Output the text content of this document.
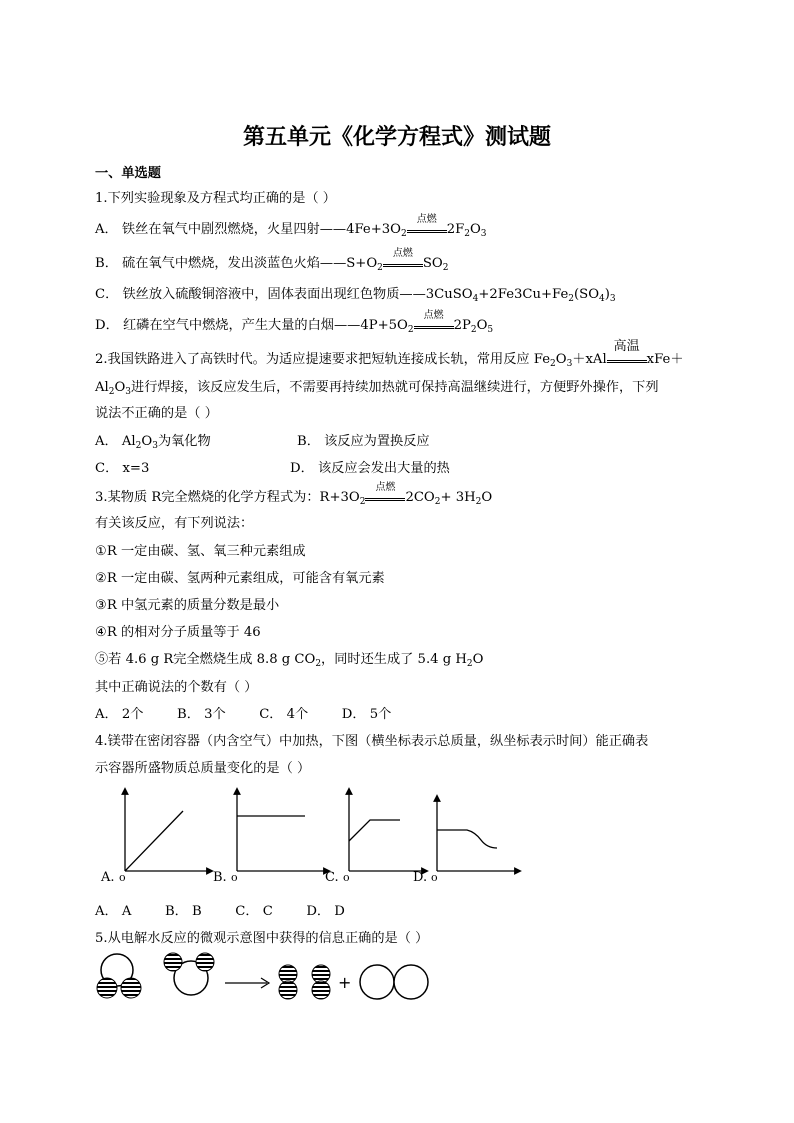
第五单元《化学方程式》测试题
一、单选题
1.下列实验现象及方程式均正确的是（ ）
A． 铁丝在氧气中剧烈燃烧，火星四射$——4Fe+3O_2$
点燃
$2F_2O_3$
B． 硫在氧气中燃烧，发出淡蓝色火焰$——S+O_2$
点燃
$SO_2$
C． 铁丝放入硫酸铜溶液中，固体表面出现红色物质$——3CuSO_4+2Fe3Cu+Fe_2(SO_4)_3$
D． 红磷在空气中燃烧，产生大量的白烟$——4P+5O_2$
点燃
$2P_2O_5$
2.我国铁路进入了高铁时代。为适应提速要求把短轨连接成长轨，常用反应 $Fe_2O_3+xAl$
高温
xFe＋
$Al_2O_3$进行焊接，该反应发生后，不需要再持续加热就可保持高温继续进行，方便野外操作，下列
说法不正确的是（ ）
A． $Al_2O_3$为氧化物	B． 该反应为置换反应
C． x=3	D． 该反应会发出大量的热
3.某物质 R完全燃烧的化学方程式为：$R+3O_2$
点燃
$2CO_2+ 3H_2O$
有关该反应，有下列说法：
①R 一定由碳、氢、氧三种元素组成
②R 一定由碳、氢两种元素组成，可能含有氧元素
③R 中氢元素的质量分数是最小
④R 的相对分子质量等于 46
⑤若 4.6 g R完全燃烧生成 8.8 g $CO_2$，同时还生成了 5.4 g $H_2O$
其中正确说法的个数有（ ）
A． 2个        B． 3个        C． 4个        D． 5个
4.镁带在密闭容器（内含空气）中加热，下图（横坐标表示总质量，纵坐标表示时间）能正确表
示容器所盛物质总质量变化的是（ ）
A. o	B. o	C. o	D. o
A． A        B． B        C． C        D． D
5.从电解水反应的微观示意图中获得的信息正确的是（ ）
+
